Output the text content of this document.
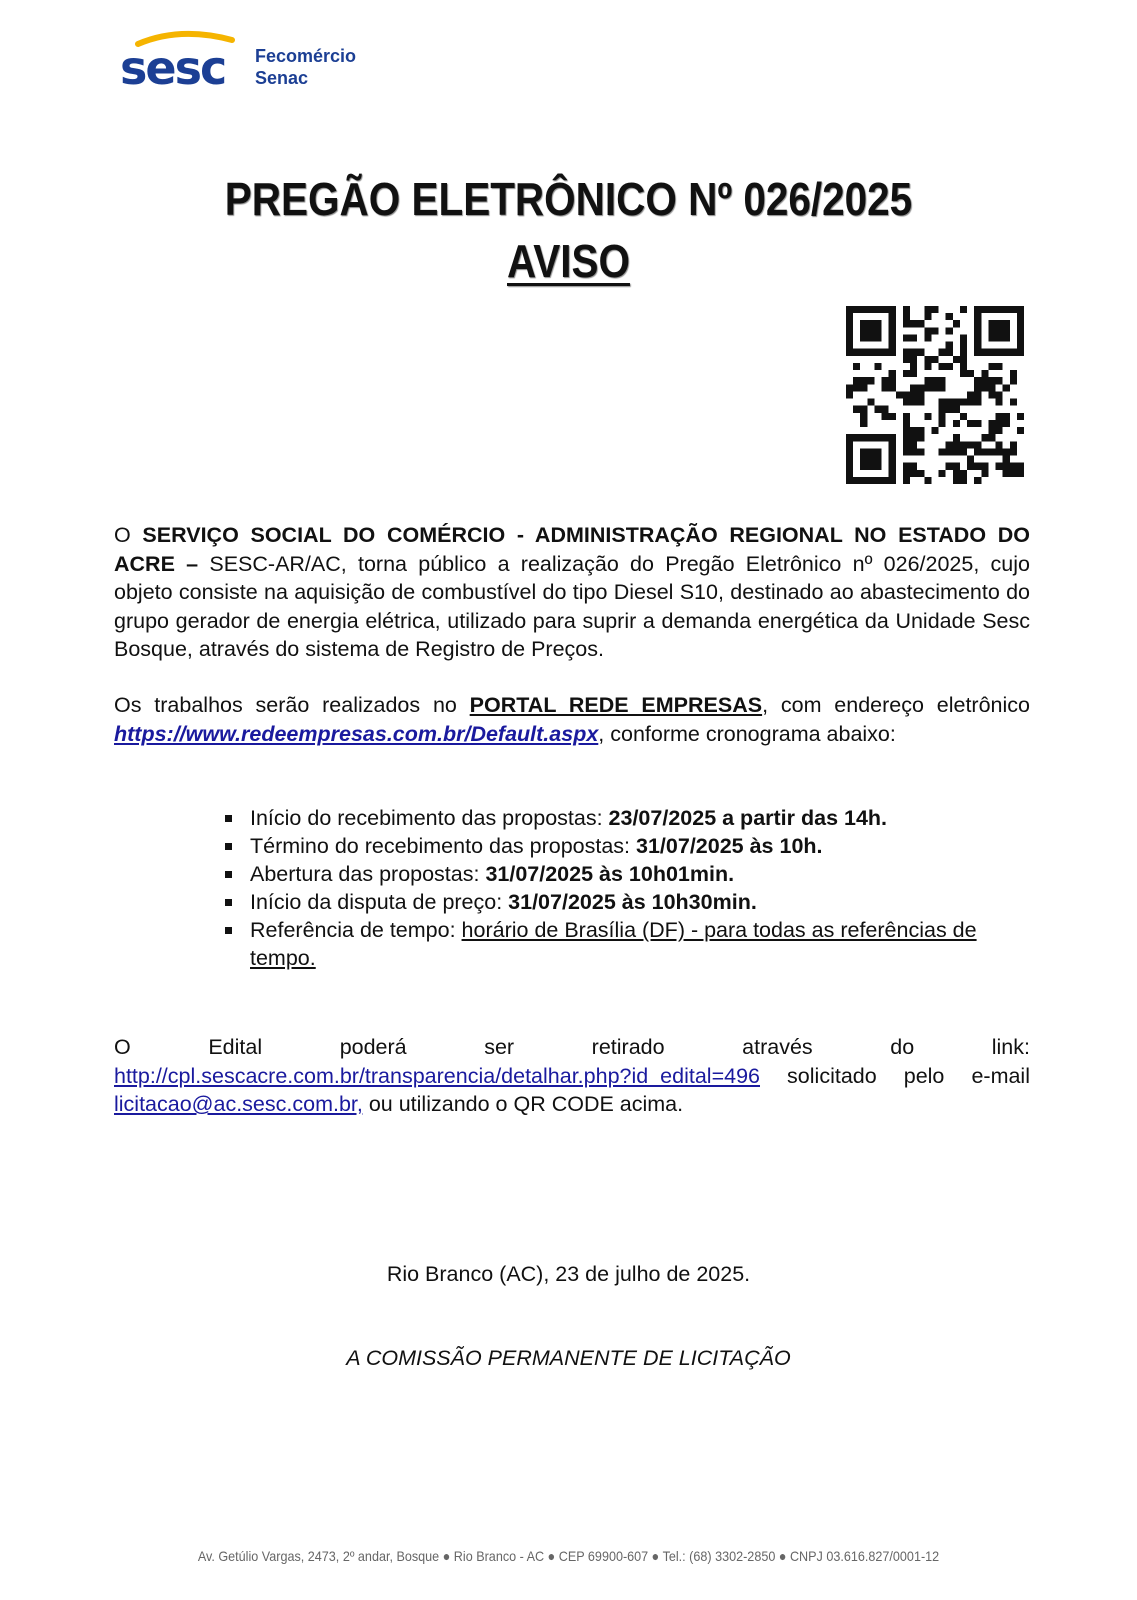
sesc Fecomércio
Senac
PREGÃO ELETRÔNICO Nº 026/2025
AVISO
O SERVIÇO SOCIAL DO COMÉRCIO - ADMINISTRAÇÃO REGIONAL NO ESTADO DO ACRE – SESC-AR/AC, torna público a realização do Pregão Eletrônico nº 026/2025, cujo objeto consiste na aquisição de combustível do tipo Diesel S10, destinado ao abastecimento do grupo gerador de energia elétrica, utilizado para suprir a demanda energética da Unidade Sesc Bosque, através do sistema de Registro de Preços.
Os trabalhos serão realizados no PORTAL REDE EMPRESAS, com endereço eletrônico https://www.redeempresas.com.br/Default.aspx, conforme cronograma abaixo:
Início do recebimento das propostas: 23/07/2025 a partir das 14h.
Término do recebimento das propostas: 31/07/2025 às 10h.
Abertura das propostas: 31/07/2025 às 10h01min.
Início da disputa de preço: 31/07/2025 às 10h30min.
Referência de tempo: horário de Brasília (DF) - para todas as referências de tempo.
O	Edital	poderá	ser	retirado	através	do	link:
http://cpl.sescacre.com.br/transparencia/detalhar.php?id_edital=496 solicitado pelo e-mail licitacao@ac.sesc.com.br, ou utilizando o QR CODE acima.
Rio Branco (AC), 23 de julho de 2025.
A COMISSÃO PERMANENTE DE LICITAÇÃO
Av. Getúlio Vargas, 2473, 2º andar, Bosque ● Rio Branco - AC ● CEP 69900-607 ● Tel.: (68) 3302-2850 ● CNPJ 03.616.827/0001-12
